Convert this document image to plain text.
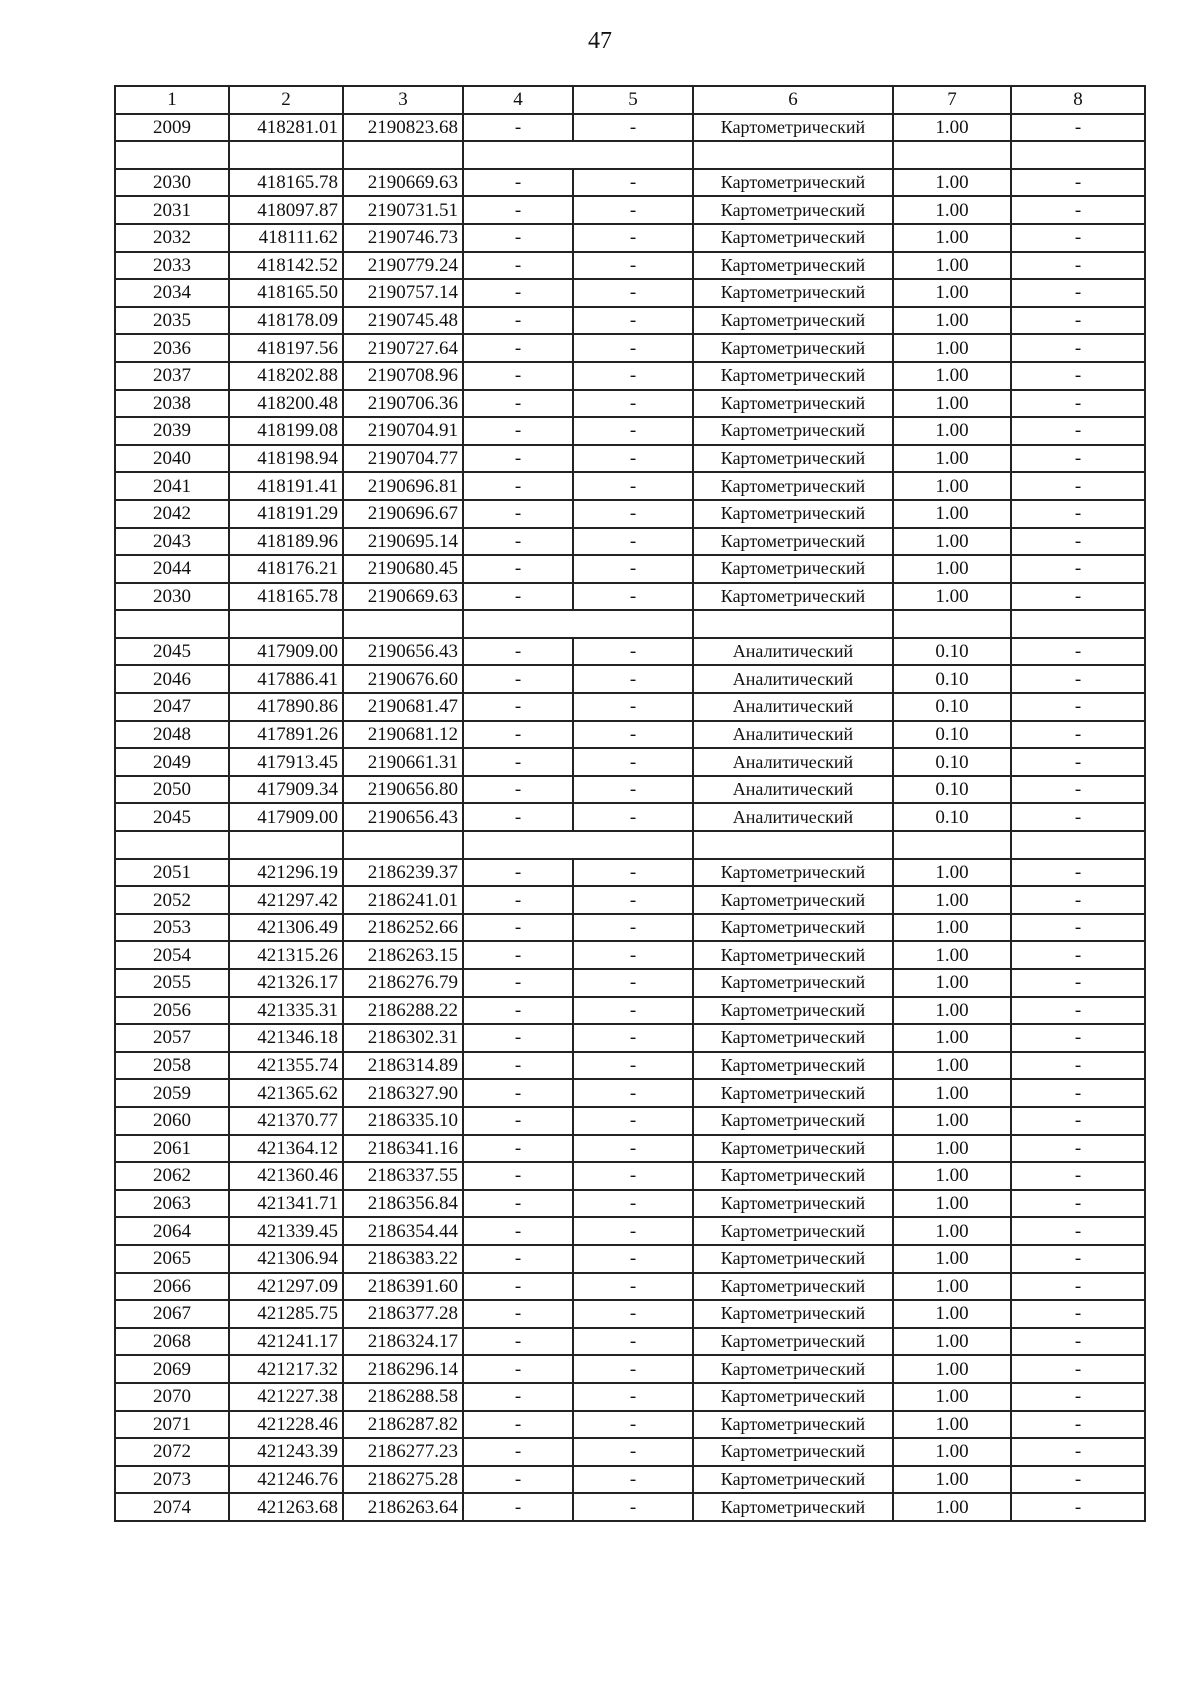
47
1	2	3	4	5	6	7	8
2009	418281.01	2190823.68	-	-	Картометрический	1.00	-

2030	418165.78	2190669.63	-	-	Картометрический	1.00	-
2031	418097.87	2190731.51	-	-	Картометрический	1.00	-
2032	418111.62	2190746.73	-	-	Картометрический	1.00	-
2033	418142.52	2190779.24	-	-	Картометрический	1.00	-
2034	418165.50	2190757.14	-	-	Картометрический	1.00	-
2035	418178.09	2190745.48	-	-	Картометрический	1.00	-
2036	418197.56	2190727.64	-	-	Картометрический	1.00	-
2037	418202.88	2190708.96	-	-	Картометрический	1.00	-
2038	418200.48	2190706.36	-	-	Картометрический	1.00	-
2039	418199.08	2190704.91	-	-	Картометрический	1.00	-
2040	418198.94	2190704.77	-	-	Картометрический	1.00	-
2041	418191.41	2190696.81	-	-	Картометрический	1.00	-
2042	418191.29	2190696.67	-	-	Картометрический	1.00	-
2043	418189.96	2190695.14	-	-	Картометрический	1.00	-
2044	418176.21	2190680.45	-	-	Картометрический	1.00	-
2030	418165.78	2190669.63	-	-	Картометрический	1.00	-

2045	417909.00	2190656.43	-	-	Аналитический	0.10	-
2046	417886.41	2190676.60	-	-	Аналитический	0.10	-
2047	417890.86	2190681.47	-	-	Аналитический	0.10	-
2048	417891.26	2190681.12	-	-	Аналитический	0.10	-
2049	417913.45	2190661.31	-	-	Аналитический	0.10	-
2050	417909.34	2190656.80	-	-	Аналитический	0.10	-
2045	417909.00	2190656.43	-	-	Аналитический	0.10	-

2051	421296.19	2186239.37	-	-	Картометрический	1.00	-
2052	421297.42	2186241.01	-	-	Картометрический	1.00	-
2053	421306.49	2186252.66	-	-	Картометрический	1.00	-
2054	421315.26	2186263.15	-	-	Картометрический	1.00	-
2055	421326.17	2186276.79	-	-	Картометрический	1.00	-
2056	421335.31	2186288.22	-	-	Картометрический	1.00	-
2057	421346.18	2186302.31	-	-	Картометрический	1.00	-
2058	421355.74	2186314.89	-	-	Картометрический	1.00	-
2059	421365.62	2186327.90	-	-	Картометрический	1.00	-
2060	421370.77	2186335.10	-	-	Картометрический	1.00	-
2061	421364.12	2186341.16	-	-	Картометрический	1.00	-
2062	421360.46	2186337.55	-	-	Картометрический	1.00	-
2063	421341.71	2186356.84	-	-	Картометрический	1.00	-
2064	421339.45	2186354.44	-	-	Картометрический	1.00	-
2065	421306.94	2186383.22	-	-	Картометрический	1.00	-
2066	421297.09	2186391.60	-	-	Картометрический	1.00	-
2067	421285.75	2186377.28	-	-	Картометрический	1.00	-
2068	421241.17	2186324.17	-	-	Картометрический	1.00	-
2069	421217.32	2186296.14	-	-	Картометрический	1.00	-
2070	421227.38	2186288.58	-	-	Картометрический	1.00	-
2071	421228.46	2186287.82	-	-	Картометрический	1.00	-
2072	421243.39	2186277.23	-	-	Картометрический	1.00	-
2073	421246.76	2186275.28	-	-	Картометрический	1.00	-
2074	421263.68	2186263.64	-	-	Картометрический	1.00	-
